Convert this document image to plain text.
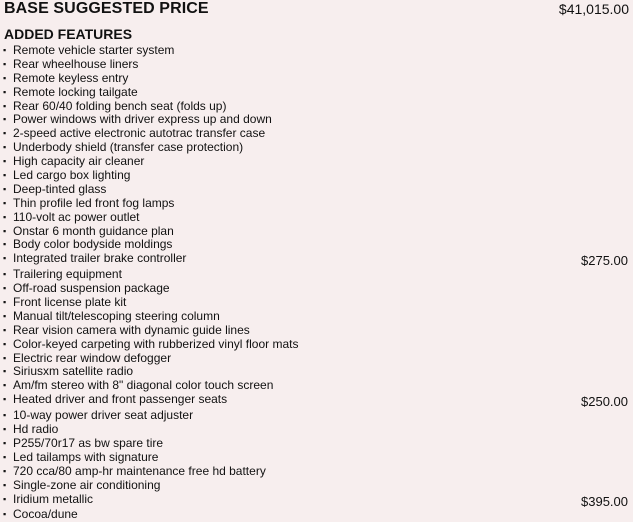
BASE SUGGESTED PRICE	$41,015.00
ADDED FEATURES
▪ Remote vehicle starter system
▪ Rear wheelhouse liners
▪ Remote keyless entry
▪ Remote locking tailgate
▪ Rear 60/40 folding bench seat (folds up)
▪ Power windows with driver express up and down
▪ 2-speed active electronic autotrac transfer case
▪ Underbody shield (transfer case protection)
▪ High capacity air cleaner
▪ Led cargo box lighting
▪ Deep-tinted glass
▪ Thin profile led front fog lamps
▪ 110-volt ac power outlet
▪ Onstar 6 month guidance plan
▪ Body color bodyside moldings
▪ Integrated trailer brake controller	$275.00
▪ Trailering equipment
▪ Off-road suspension package
▪ Front license plate kit
▪ Manual tilt/telescoping steering column
▪ Rear vision camera with dynamic guide lines
▪ Color-keyed carpeting with rubberized vinyl floor mats
▪ Electric rear window defogger
▪ Siriusxm satellite radio
▪ Am/fm stereo with 8" diagonal color touch screen
▪ Heated driver and front passenger seats	$250.00
▪ 10-way power driver seat adjuster
▪ Hd radio
▪ P255/70r17 as bw spare tire
▪ Led tailamps with signature
▪ 720 cca/80 amp-hr maintenance free hd battery
▪ Single-zone air conditioning
▪ Iridium metallic	$395.00
▪ Cocoa/dune
